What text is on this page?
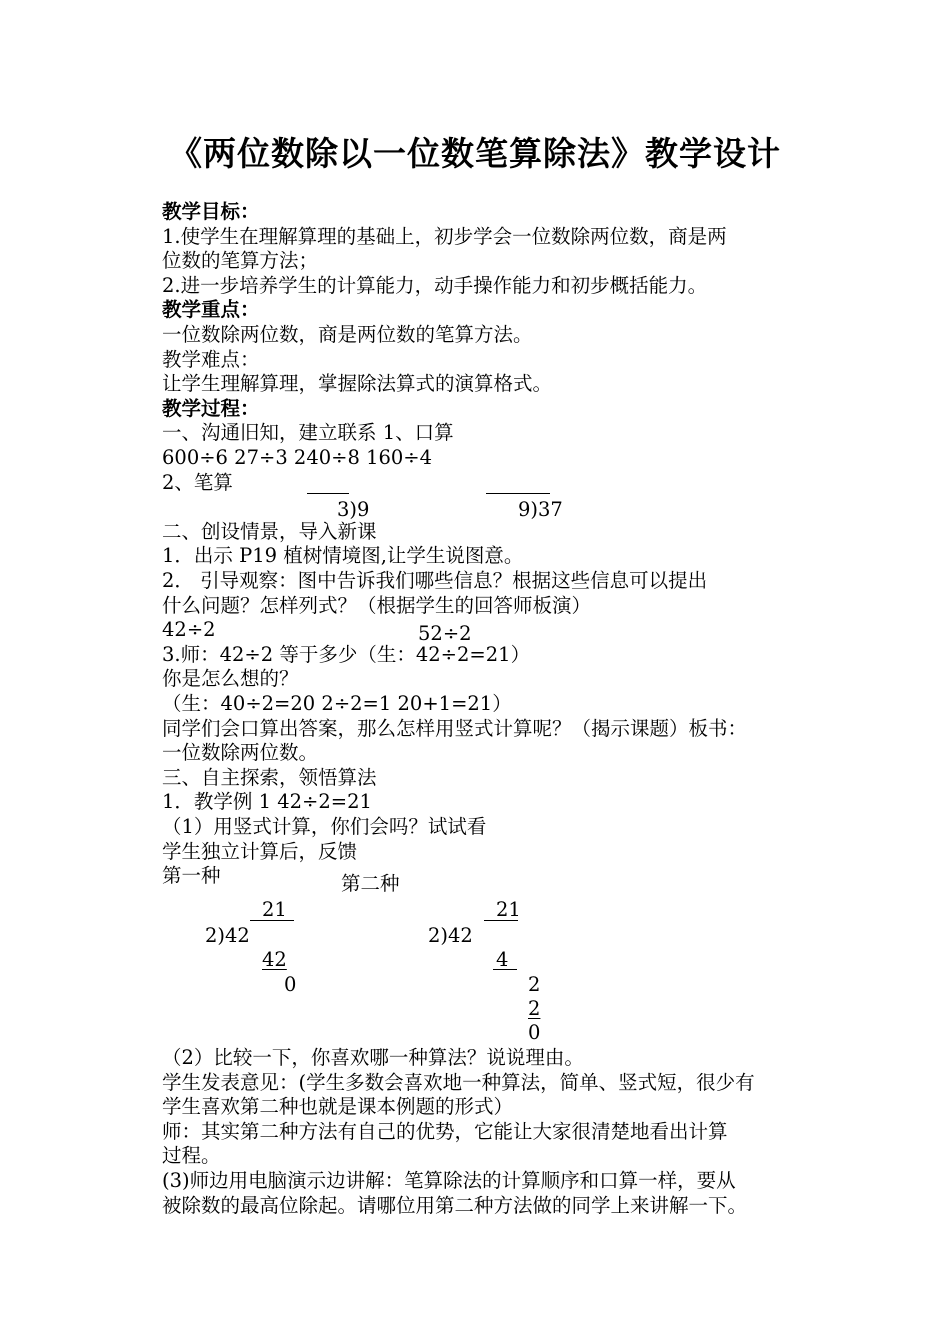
《两位数除以一位数笔算除法》教学设计
教学目标：
1.使学生在理解算理的基础上，初步学会一位数除两位数，商是两
位数的笔算方法；
2.进一步培养学生的计算能力，动手操作能力和初步概括能力。
教学重点：
一位数除两位数，商是两位数的笔算方法。
教学难点：
让学生理解算理，掌握除法算式的演算格式。
教学过程：
一、沟通旧知，建立联系 1、口算
600÷6 27÷3 240÷8 160÷4
2、笔算
二、创设情景，导入新课
1．出示 P19 植树情境图,让学生说图意。
2． 引导观察：图中告诉我们哪些信息？根据这些信息可以提出
什么问题？怎样列式？（根据学生的回答师板演）
42÷2
3.师：42÷2 等于多少（生：42÷2=21）
你是怎么想的？
（生：40÷2=20 2÷2=1 20+1=21）
同学们会口算出答案，那么怎样用竖式计算呢？（揭示课题）板书：
一位数除两位数。
三、自主探索，领悟算法
1．教学例 1 42÷2=21
（1）用竖式计算，你们会吗？试试看
学生独立计算后，反馈
第一种
3)9	9)37
52÷2
第二种
21
2)42
42
0
21
2)42
4
2
2
0
（2）比较一下，你喜欢哪一种算法？说说理由。
学生发表意见：(学生多数会喜欢地一种算法，简单、竖式短，很少有
学生喜欢第二种也就是课本例题的形式）
师：其实第二种方法有自己的优势，它能让大家很清楚地看出计算
过程。
(3)师边用电脑演示边讲解：笔算除法的计算顺序和口算一样，要从
被除数的最高位除起。请哪位用第二种方法做的同学上来讲解一下。
